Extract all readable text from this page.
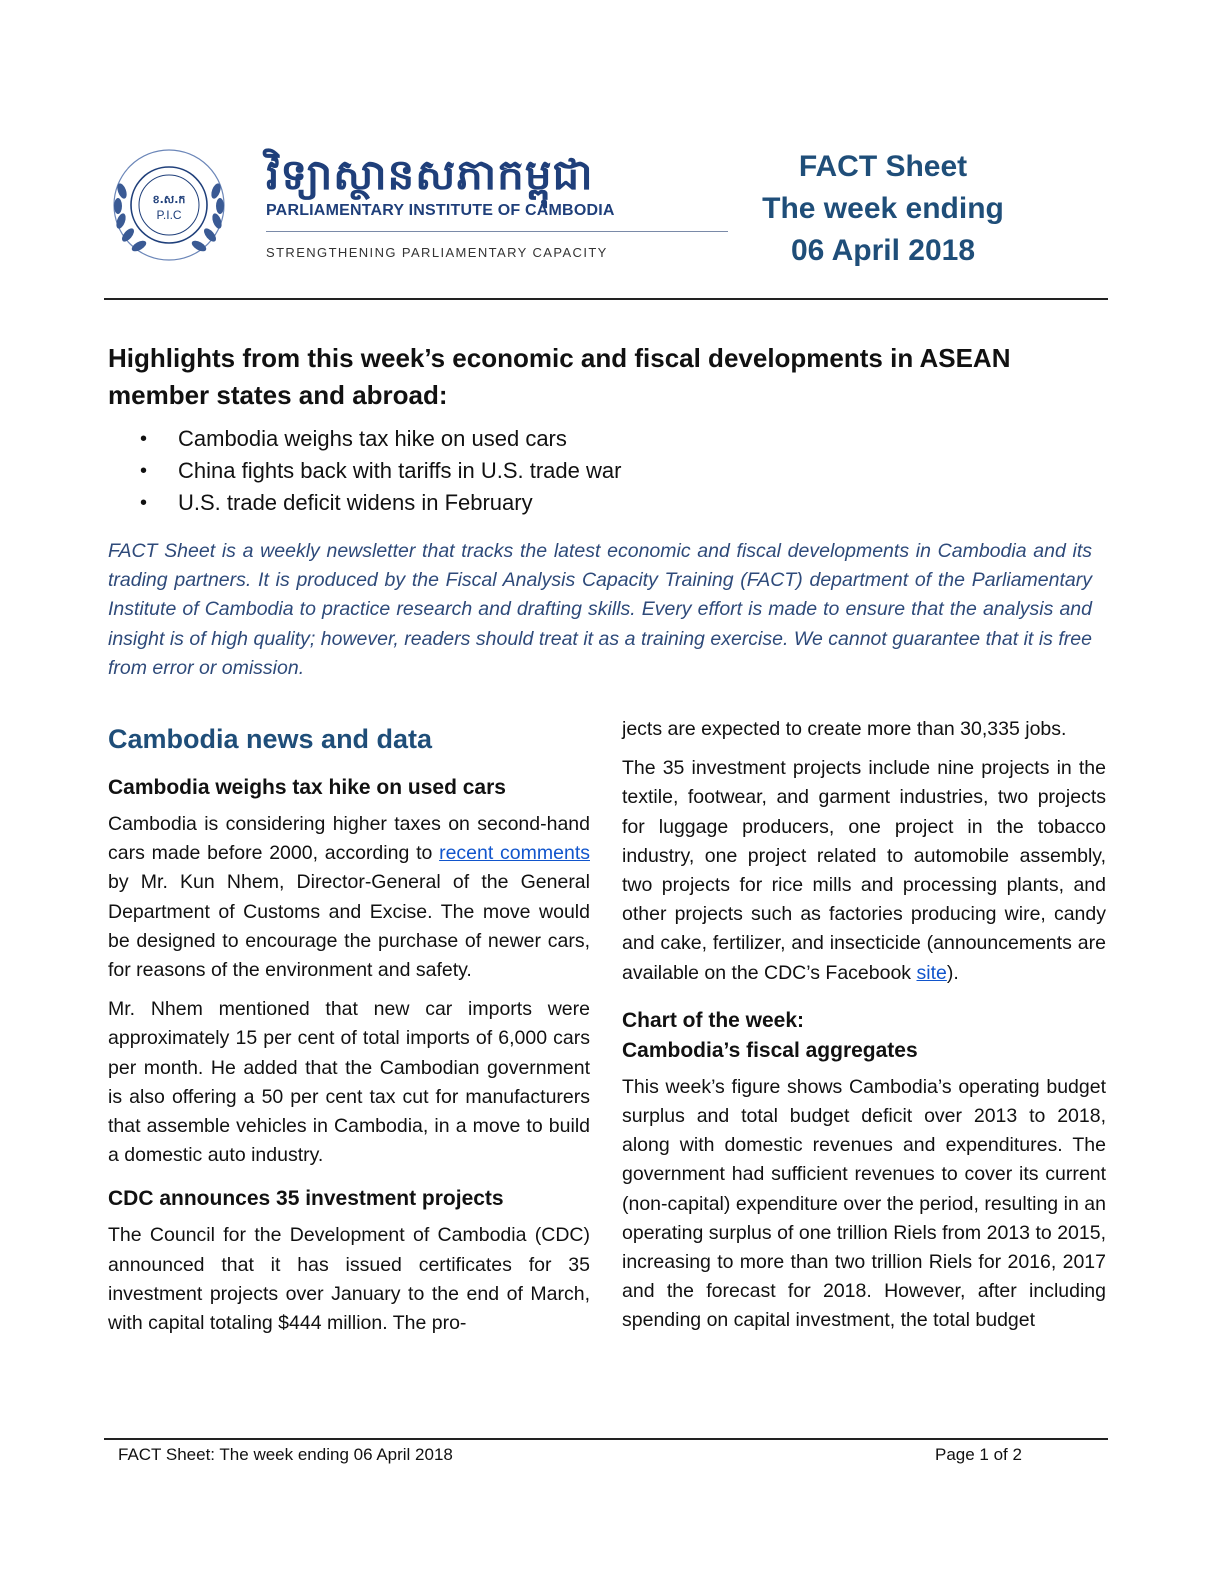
ខ.ស.ក
P.I.C
វិទ្យាស្ថានសភាកម្ពុជា
PARLIAMENTARY INSTITUTE OF CAMBODIA
STRENGTHENING PARLIAMENTARY CAPACITY
FACT Sheet
The week ending
06 April 2018
Highlights from this week’s economic and fiscal developments in ASEAN
member states and abroad:
• Cambodia weighs tax hike on used cars
• China fights back with tariffs in U.S. trade war
• U.S. trade deficit widens in February
FACT Sheet is a weekly newsletter that tracks the latest economic and fiscal developments in Cambodia and its trading partners. It is produced by the Fiscal Analysis Capacity Training (FACT) department of the Parliamentary Institute of Cambodia to practice research and drafting skills. Every effort is made to ensure that the analysis and insight is of high quality; however, readers should treat it as a training exercise. We cannot guarantee that it is free from error or omission.
Cambodia news and data
Cambodia weighs tax hike on used cars

Cambodia is considering higher taxes on second-hand cars made before 2000, according to recent comments by Mr. Kun Nhem, Director-General of the General Department of Customs and Excise. The move would be designed to encourage the purchase of newer cars, for reasons of the environment and safety.

Mr. Nhem mentioned that new car imports were approximately 15 per cent of total imports of 6,000 cars per month. He added that the Cambodian government is also offering a 50 per cent tax cut for manufacturers that assemble vehicles in Cambodia, in a move to build a domestic auto industry.

CDC announces 35 investment projects

The Council for the Development of Cambodia (CDC) announced that it has issued certificates for 35 investment projects over January to the end of March, with capital totaling $444 million. The pro-

jects are expected to create more than 30,335 jobs.

The 35 investment projects include nine projects in the textile, footwear, and garment industries, two projects for luggage producers, one project in the tobacco industry, one project related to automobile assembly, two projects for rice mills and processing plants, and other projects such as factories producing wire, candy and cake, fertilizer, and insecticide (announcements are available on the CDC’s Facebook site).

Chart of the week:
Cambodia’s fiscal aggregates

This week’s figure shows Cambodia’s operating budget surplus and total budget deficit over 2013 to 2018, along with domestic revenues and expenditures. The government had sufficient revenues to cover its current (non-capital) expenditure over the period, resulting in an operating surplus of one trillion Riels from 2013 to 2015, increasing to more than two trillion Riels for 2016, 2017 and the forecast for 2018. However, after including spending on capital investment, the total budget

FACT Sheet: The week ending 06 April 2018	Page 1 of 2
